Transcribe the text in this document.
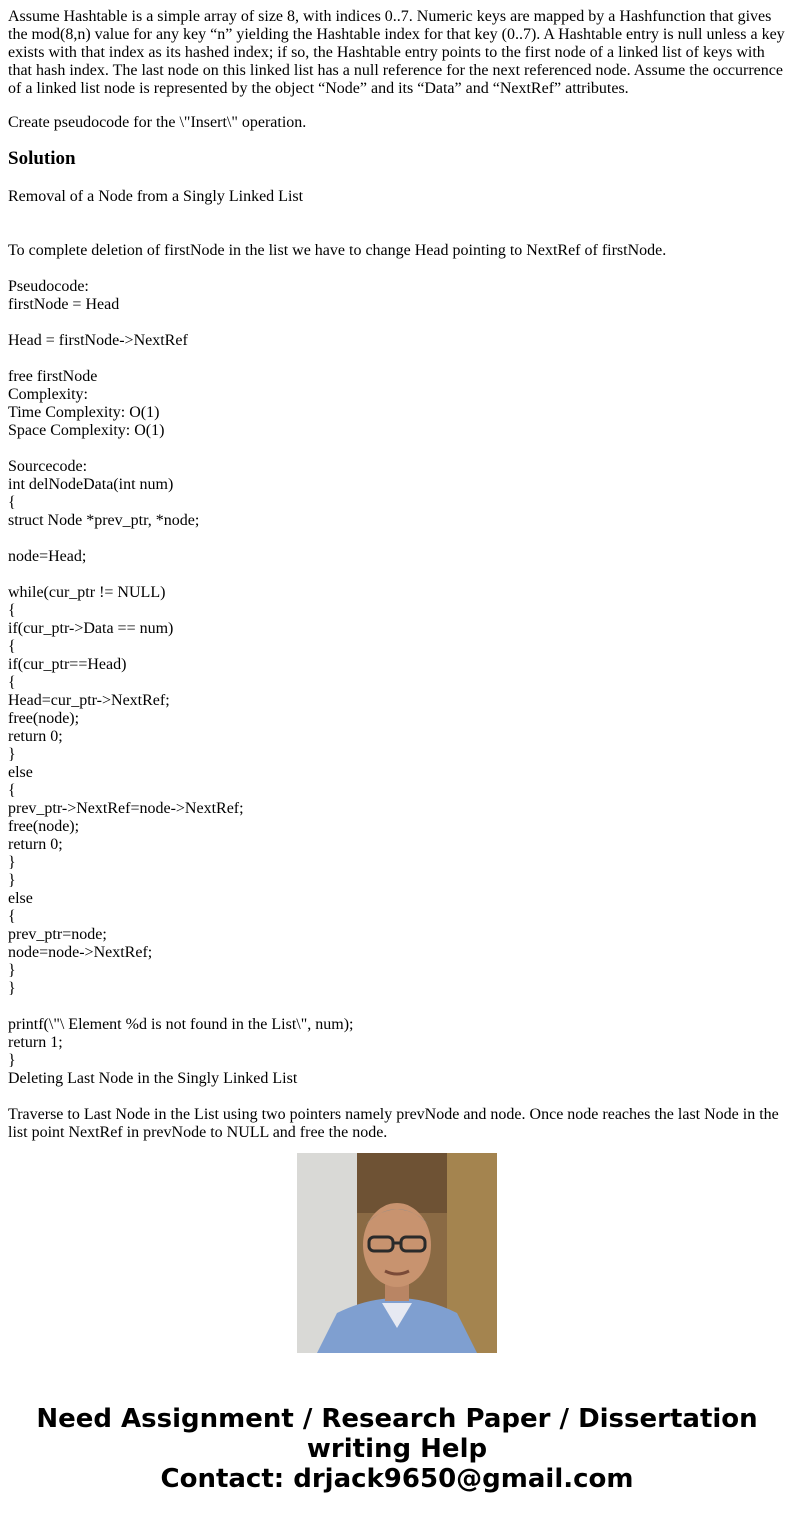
Assume Hashtable is a simple array of size 8, with indices 0..7. Numeric keys are mapped by a Hashfunction that gives the mod(8,n) value for any key “n” yielding the Hashtable index for that key (0..7). A Hashtable entry is null unless a key exists with that index as its hashed index; if so, the Hashtable entry points to the first node of a linked list of keys with that hash index. The last node on this linked list has a null reference for the next referenced node. Assume the occurrence of a linked list node is represented by the object “Node” and its “Data” and “NextRef” attributes.

Create pseudocode for the \"Insert\" operation.

Solution
Removal of a Node from a Singly Linked List

To complete deletion of firstNode in the list we have to change Head pointing to NextRef of firstNode.

Pseudocode:
firstNode = Head

Head = firstNode->NextRef

free firstNode
Complexity:
Time Complexity: O(1)
Space Complexity: O(1)

Sourcecode:
int delNodeData(int num)
{
struct Node *prev_ptr, *node;

node=Head;

while(cur_ptr != NULL)
{
if(cur_ptr->Data == num)
{
if(cur_ptr==Head)
{
Head=cur_ptr->NextRef;
free(node);
return 0;
}
else
{
prev_ptr->NextRef=node->NextRef;
free(node);
return 0;
}
}
else
{
prev_ptr=node;
node=node->NextRef;
}
}

printf(\"\ Element %d is not found in the List\", num);
return 1;
}
Deleting Last Node in the Singly Linked List

Traverse to Last Node in the List using two pointers namely prevNode and node. Once node reaches the last Node in the list point NextRef in prevNode to NULL and free the node.
Need Assignment / Research Paper / Dissertation
writing Help
Contact: drjack9650@gmail.com
